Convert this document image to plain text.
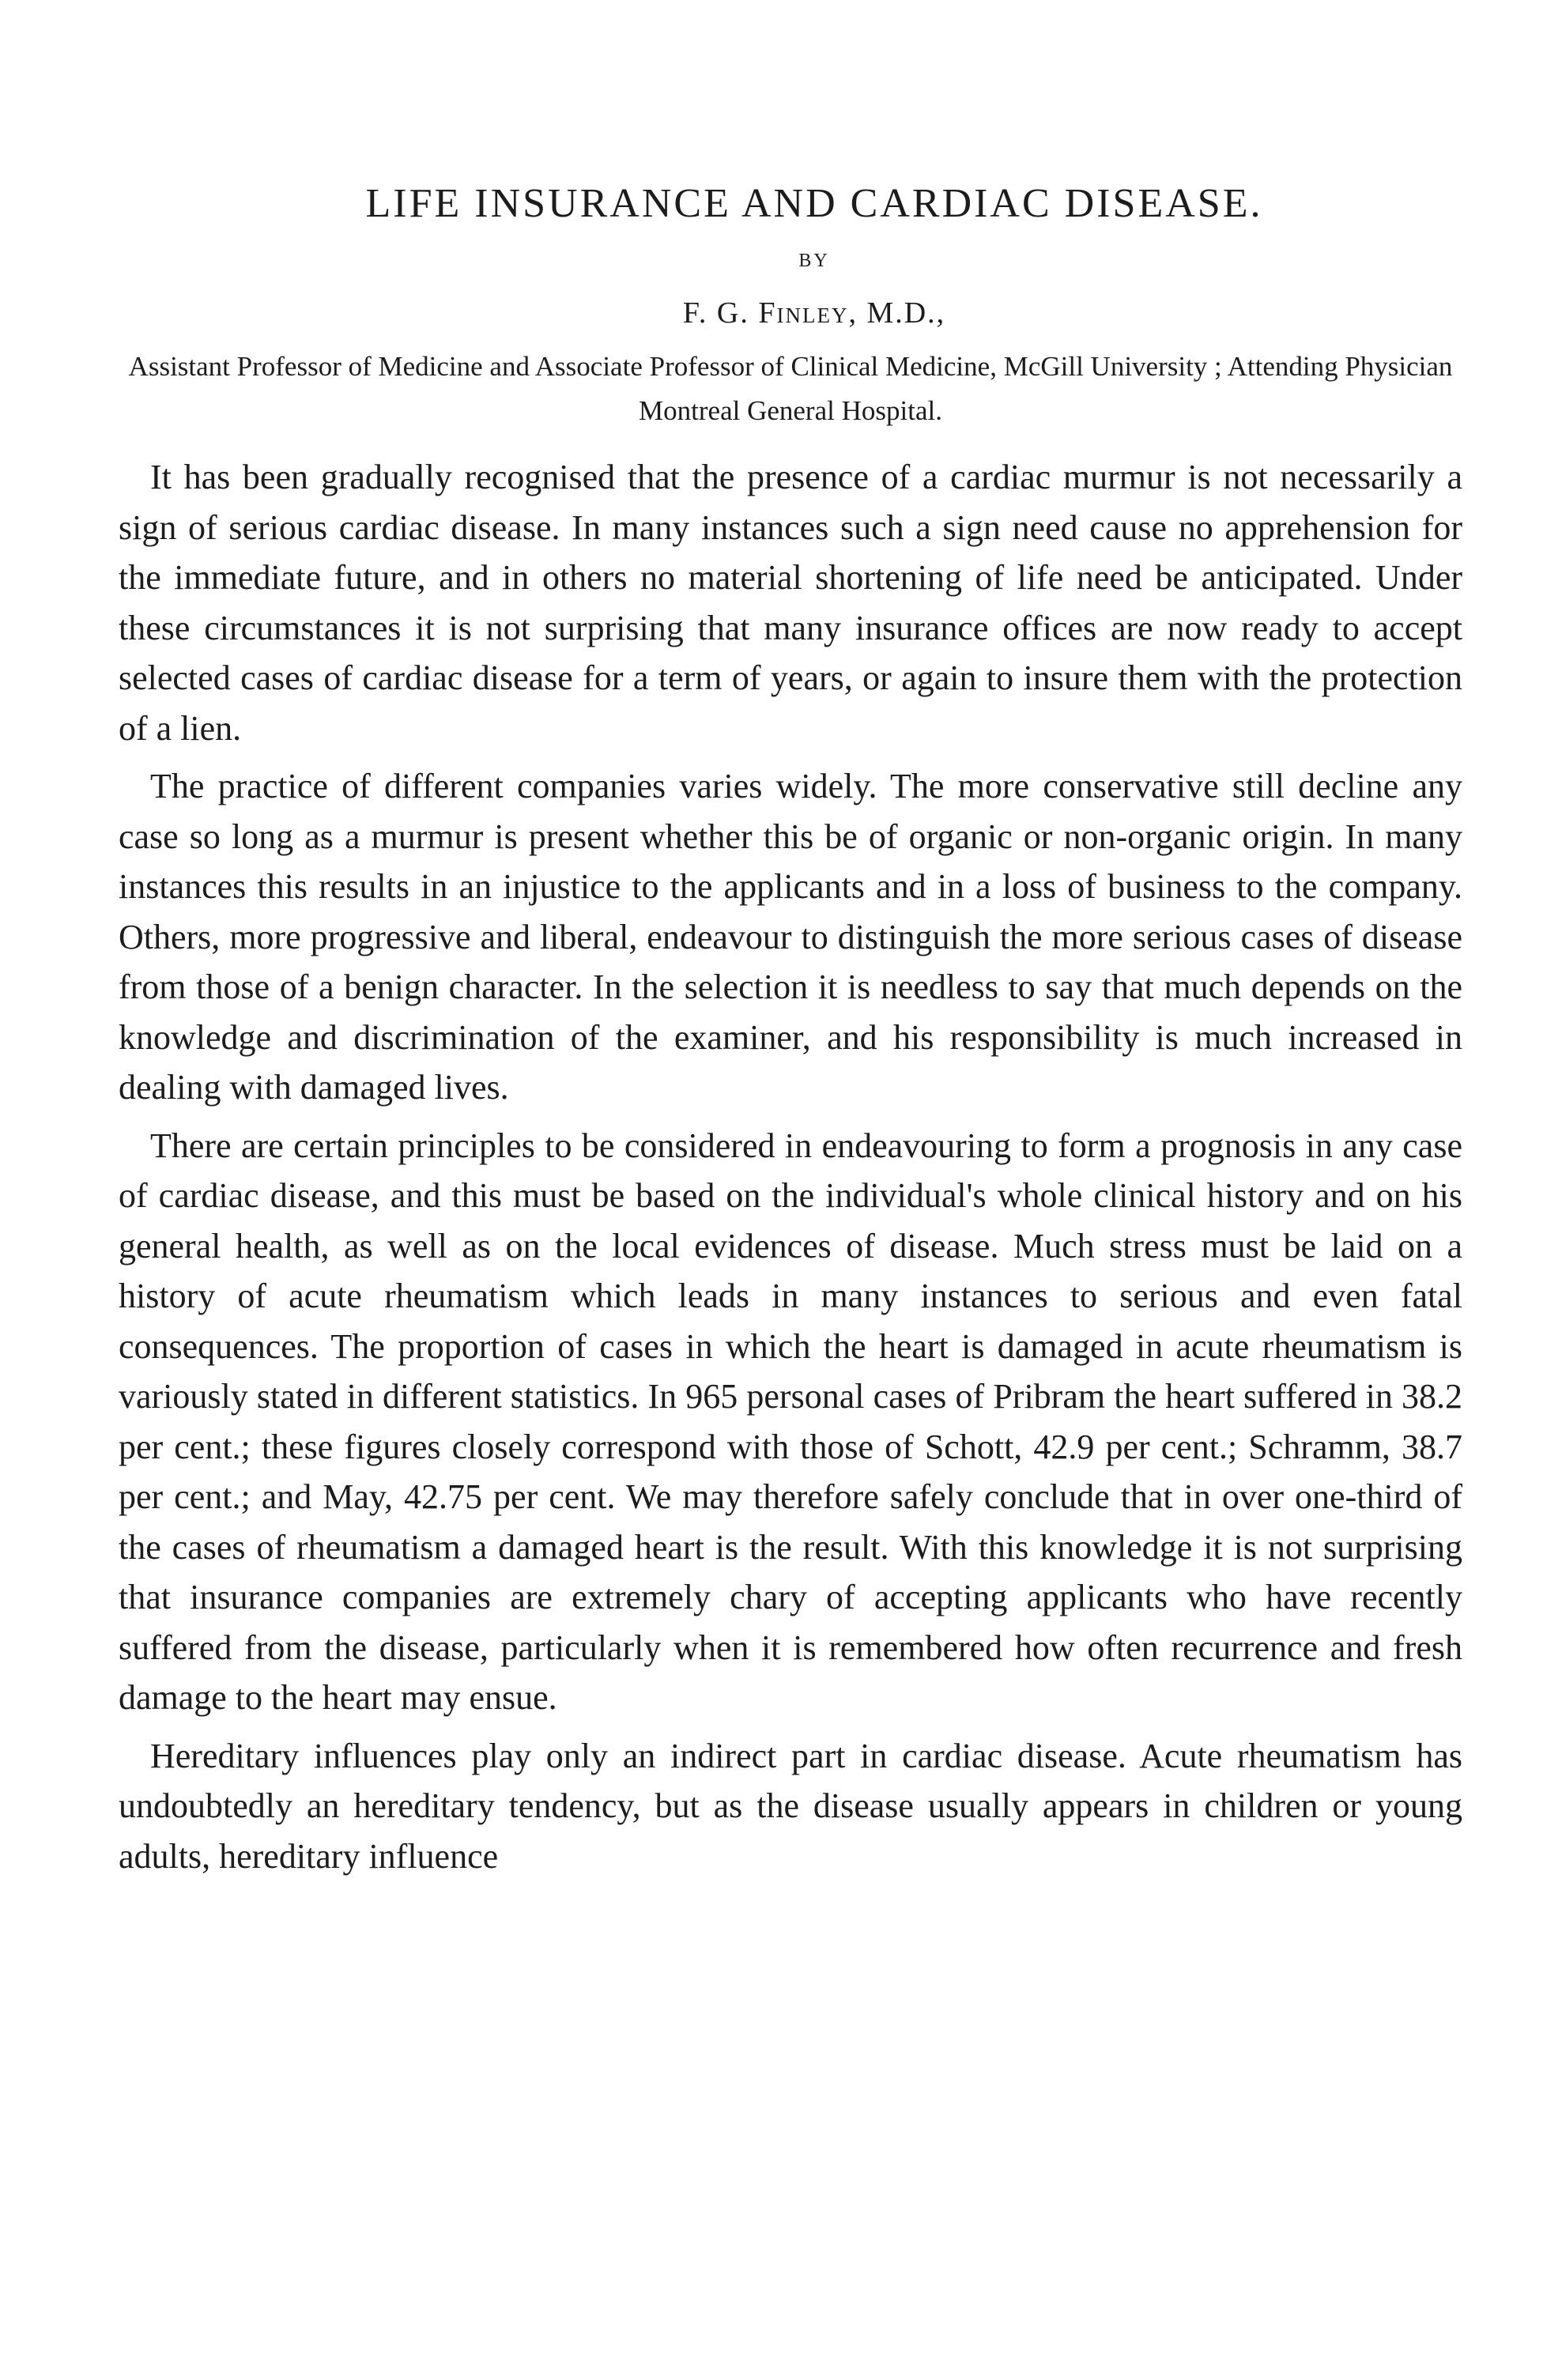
LIFE INSURANCE AND CARDIAC DISEASE.
BY
F. G. Finley, M.D.,
Assistant Professor of Medicine and Associate Professor of Clinical Medicine, McGill University ; Attending Physician Montreal General Hospital.

It has been gradually recognised that the presence of a cardiac murmur is not necessarily a sign of serious cardiac disease. In many instances such a sign need cause no apprehension for the immediate future, and in others no material shortening of life need be anticipated. Under these circumstances it is not surprising that many insurance offices are now ready to accept selected cases of cardiac disease for a term of years, or again to insure them with the protection of a lien.

The practice of different companies varies widely. The more conservative still decline any case so long as a murmur is present whether this be of organic or non-organic origin. In many instances this results in an injustice to the applicants and in a loss of business to the company. Others, more progressive and liberal, endeavour to distinguish the more serious cases of disease from those of a benign character. In the selection it is needless to say that much depends on the knowledge and discrimination of the examiner, and his responsibility is much increased in dealing with damaged lives.

There are certain principles to be considered in endeavouring to form a prognosis in any case of cardiac disease, and this must be based on the individual's whole clinical history and on his general health, as well as on the local evidences of disease. Much stress must be laid on a history of acute rheumatism which leads in many instances to serious and even fatal consequences. The proportion of cases in which the heart is damaged in acute rheumatism is variously stated in different statistics. In 965 personal cases of Pribram the heart suffered in 38.2 per cent.; these figures closely correspond with those of Schott, 42.9 per cent.; Schramm, 38.7 per cent.; and May, 42.75 per cent. We may therefore safely conclude that in over one-third of the cases of rheumatism a damaged heart is the result. With this knowledge it is not surprising that insurance companies are extremely chary of accepting applicants who have recently suffered from the disease, particularly when it is remembered how often recurrence and fresh damage to the heart may ensue.

Hereditary influences play only an indirect part in cardiac disease. Acute rheumatism has undoubtedly an hereditary tendency, but as the disease usually appears in children or young adults, hereditary influence
